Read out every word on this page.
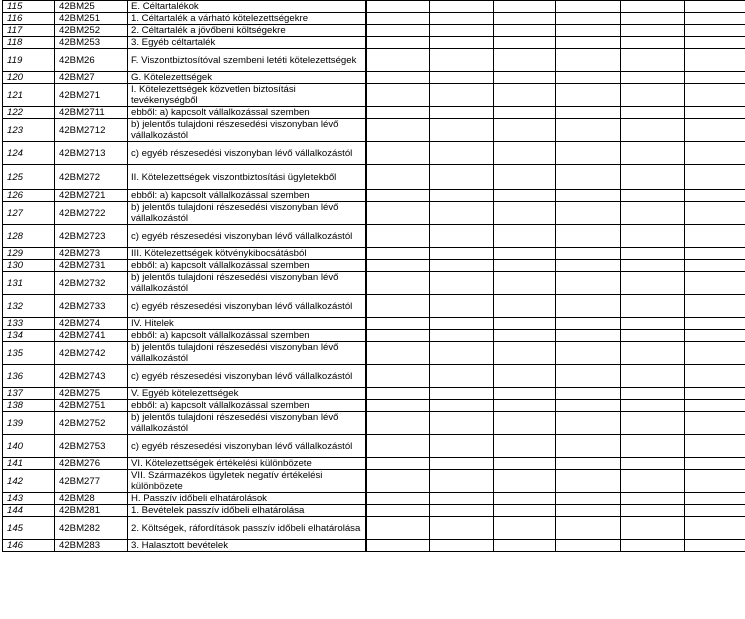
115	42BM25	E. Céltartalékok							
116	42BM251	1. Céltartalék a várható kötelezettségekre							
117	42BM252	2. Céltartalék a jövőbeni költségekre							
118	42BM253	3. Egyéb céltartalék							
119	42BM26	F. Viszontbiztosítóval szembeni letéti kötelezettségek							
120	42BM27	G. Kötelezettségek							
121	42BM271	I. Kötelezettségek közvetlen biztosítási tevékenységből							
122	42BM2711	ebből: a) kapcsolt vállalkozással szemben							
123	42BM2712	b) jelentős tulajdoni részesedési viszonyban lévő vállalkozástól							
124	42BM2713	c) egyéb részesedési viszonyban lévő vállalkozástól							
125	42BM272	II. Kötelezettségek viszontbiztosítási ügyletekből							
126	42BM2721	ebből: a) kapcsolt vállalkozással szemben							
127	42BM2722	b) jelentős tulajdoni részesedési viszonyban lévő vállalkozástól							
128	42BM2723	c) egyéb részesedési viszonyban lévő vállalkozástól							
129	42BM273	III. Kötelezettségek kötvénykibocsátásból							
130	42BM2731	ebből: a) kapcsolt vállalkozással szemben							
131	42BM2732	b) jelentős tulajdoni részesedési viszonyban lévő vállalkozástól							
132	42BM2733	c) egyéb részesedési viszonyban lévő vállalkozástól							
133	42BM274	IV. Hitelek							
134	42BM2741	ebből: a) kapcsolt vállalkozással szemben							
135	42BM2742	b) jelentős tulajdoni részesedési viszonyban lévő vállalkozástól							
136	42BM2743	c) egyéb részesedési viszonyban lévő vállalkozástól							
137	42BM275	V. Egyéb kötelezettségek							
138	42BM2751	ebből: a) kapcsolt vállalkozással szemben							
139	42BM2752	b) jelentős tulajdoni részesedési viszonyban lévő vállalkozástól							
140	42BM2753	c) egyéb részesedési viszonyban lévő vállalkozástól							
141	42BM276	VI. Kötelezettségek értékelési különbözete							
142	42BM277	VII. Származékos ügyletek negatív értékelési különbözete							
143	42BM28	H. Passzív időbeli elhatárolások							
144	42BM281	1. Bevételek passzív időbeli elhatárolása							
145	42BM282	2. Költségek, ráfordítások passzív időbeli elhatárolása							
146	42BM283	3. Halasztott bevételek							
